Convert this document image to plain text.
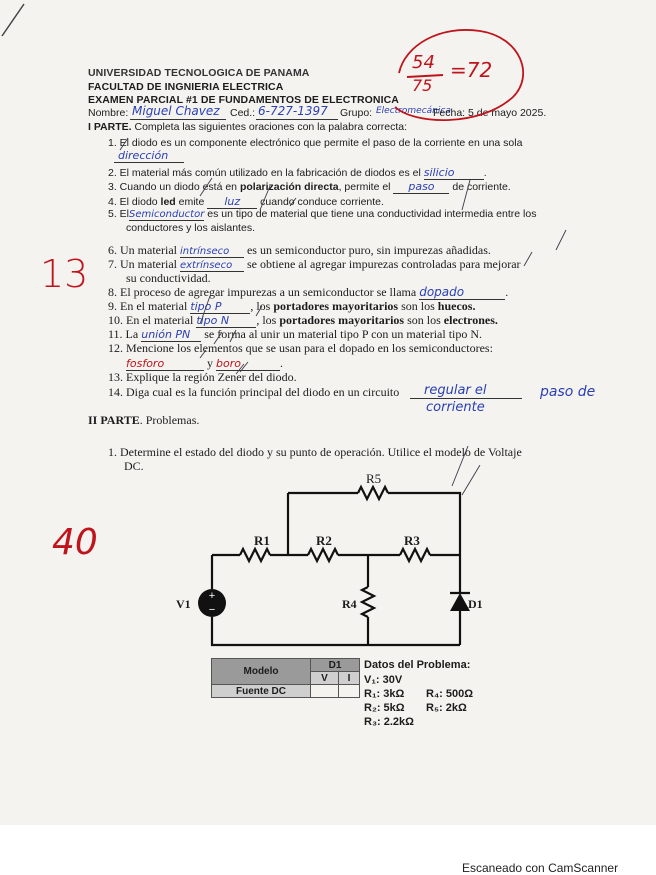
UNIVERSIDAD TECNOLOGICA DE PANAMA
FACULTAD DE INGNIERIA ELECTRICA
EXAMEN PARCIAL #1 DE FUNDAMENTOS DE ELECTRONICA
Nombre: Miguel Chavez Ced.: 6-727-1397 Grupo: Electromecánica
Fecha: 5 de mayo 2025.
54
75
=72
13
40
I PARTE. Completa las siguientes oraciones con la palabra correcta:
1. El diodo es un componente electrónico que permite el paso de la corriente en una sola
dirección
2. El material más común utilizado en la fabricación de diodos es el silicio	.
3. Cuando un diodo está en polarización directa, permite el paso de corriente.
4. El diodo led emite luz cuando conduce corriente.
5. ElSemiconductor es un tipo de material que tiene una conductividad intermedia entre los
conductores y los aislantes.
6. Un material intrínseco es un semiconductor puro, sin impurezas añadidas.
7. Un material extrínseco se obtiene al agregar impurezas controladas para mejorar
su conductividad.
8. El proceso de agregar impurezas a un semiconductor se llama dopado	.
9. En el material tipo P , los portadores mayoritarios son los huecos.
10. En el material tipo N , los portadores mayoritarios son los electrones.
11. La unión PN se forma al unir un material tipo P con un material tipo N.
12. Mencione los elementos que se usan para el dopado en los semiconductores:
fosforo	y boro	.
13. Explique la región Zener del diodo.
14. Diga cual es la función principal del diodo en un circuito regular el	paso de
corriente
II PARTE. Problemas.
1. Determine el estado del diodo y su punto de operación. Utilice el modelo de Voltaje
DC.
+
−
R5
R1	R2	R3
R4
V1	D1
Modelo	D1	
	V	I
Fuente DC		
Datos del Problema:
V₁: 30V
R₁: 3kΩ R₄: 500Ω
R₂: 5kΩ R₅: 2kΩ
R₃: 2.2kΩ
Escaneado con CamScanner
